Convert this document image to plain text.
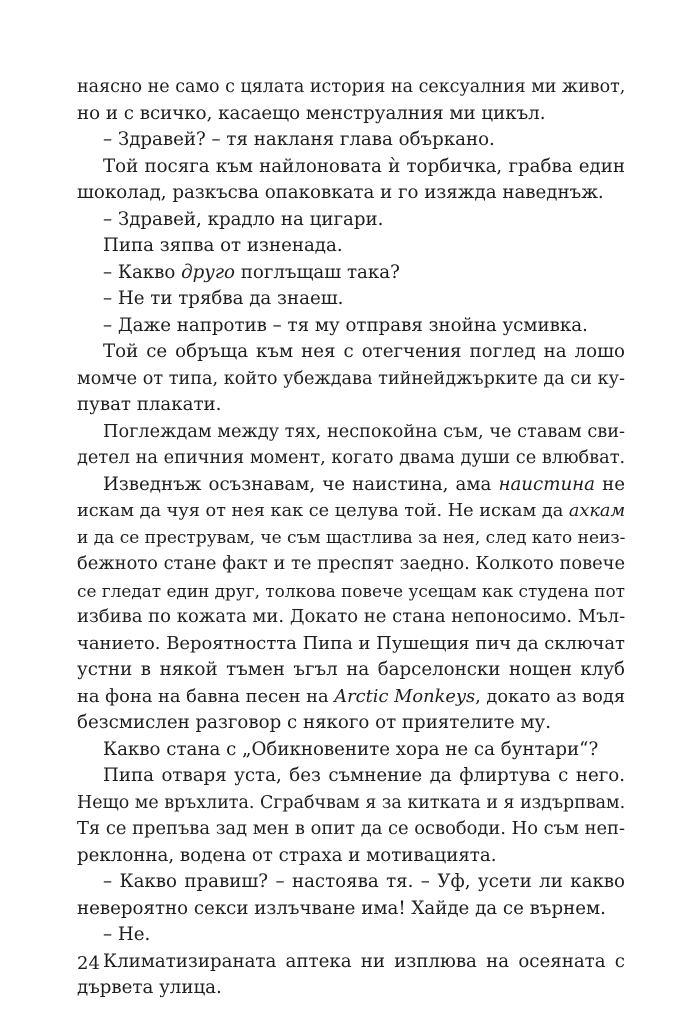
наясно не само с цялата история на сексуалния ми живот,
но и с всичко, касаещо менструалния ми цикъл.
– Здравей? – тя накланя глава объркано.
Той посяга към найлоновата ѝ торбичка, грабва един
шоколад, разкъсва опаковката и го изяжда наведнъж.
– Здравей, крадло на цигари.
Пипа зяпва от изненада.
– Какво друго поглъщаш така?
– Не ти трябва да знаеш.
– Даже напротив – тя му отправя знойна усмивка.
Той се обръща към нея с отегчения поглед на лошо
момче от типа, който убеждава тийнейджърките да си ку-
пуват плакати.
Поглеждам между тях, неспокойна съм, че ставам сви-
детел на епичния момент, когато двама души се влюбват.
Изведнъж осъзнавам, че наистина, ама наистина не
искам да чуя от нея как се целува той. Не искам да ахкам
и да се преструвам, че съм щастлива за нея, след като неиз-
бежното стане факт и те преспят заедно. Колкото повече
се гледат един друг, толкова повече усещам как студена пот
избива по кожата ми. Докато не стана непоносимо. Мъл-
чанието. Вероятността Пипа и Пушещия пич да сключат
устни в някой тъмен ъгъл на барселонски нощен клуб
на фона на бавна песен на Arctic Monkeys, докато аз водя
безсмислен разговор с някого от приятелите му.
Какво стана с „Обикновените хора не са бунтари“?
Пипа отваря уста, без съмнение да флиртува с него.
Нещо ме връхлита. Сграбчвам я за китката и я издърпвам.
Тя се препъва зад мен в опит да се освободи. Но съм неп-
реклонна, водена от страха и мотивацията.
– Какво правиш? – настоява тя. – Уф, усети ли какво
невероятно секси излъчване има! Хайде да се върнем.
– Не.
Климатизираната аптека ни изплюва на осеяната с
дървета улица.
24
